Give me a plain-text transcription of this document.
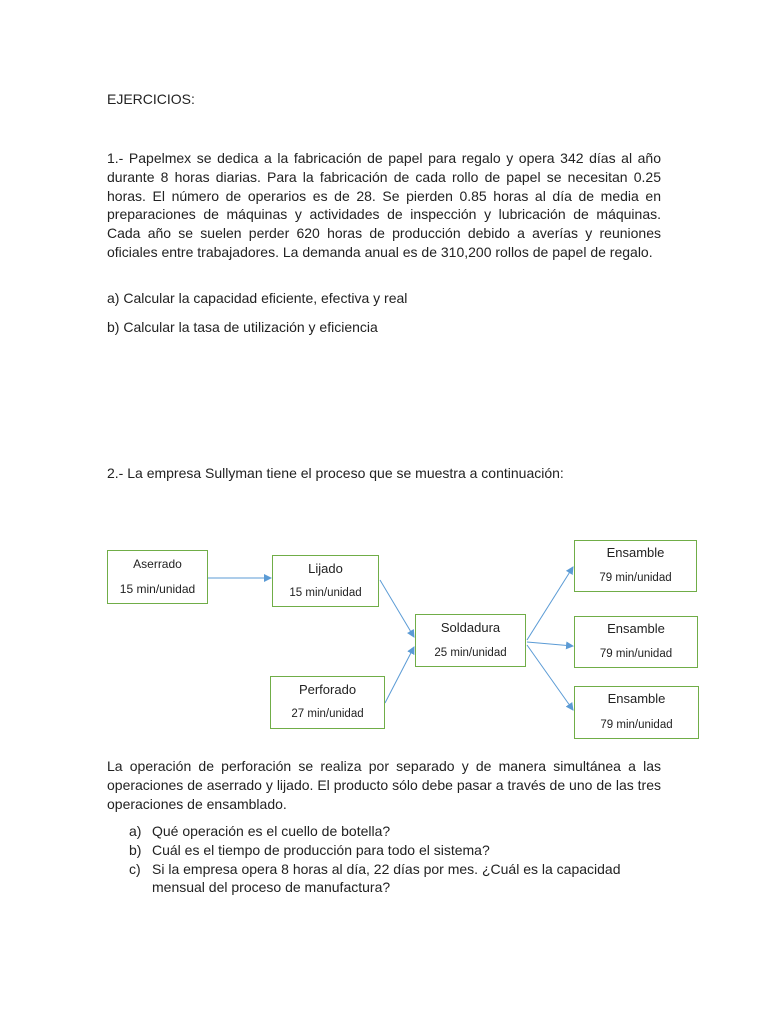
EJERCICIOS:

1.- Papelmex se dedica a la fabricación de papel para regalo y opera 342 días al año durante 8 horas diarias. Para la fabricación de cada rollo de papel se necesitan 0.25 horas. El número de operarios es de 28. Se pierden 0.85 horas al día de media en preparaciones de máquinas y actividades de inspección y lubricación de máquinas. Cada año se suelen perder 620 horas de producción debido a averías y reuniones oficiales entre trabajadores. La demanda anual es de 310,200 rollos de papel de regalo.

a) Calcular la capacidad eficiente, efectiva y real
b) Calcular la tasa de utilización y eficiencia
2.- La empresa Sullyman tiene el proceso que se muestra a continuación:
Aserrado
15 min/unidad
Lijado
15 min/unidad
Perforado
27 min/unidad
Soldadura
25 min/unidad
Ensamble
79 min/unidad
Ensamble
79 min/unidad
Ensamble
79 min/unidad

La operación de perforación se realiza por separado y de manera simultánea a las operaciones de aserrado y lijado. El producto sólo debe pasar a través de uno de las tres operaciones de ensamblado.

a) Qué operación es el cuello de botella?
b) Cuál es el tiempo de producción para todo el sistema?
c) Si la empresa opera 8 horas al día, 22 días por mes. ¿Cuál es la capacidad mensual del proceso de manufactura?
